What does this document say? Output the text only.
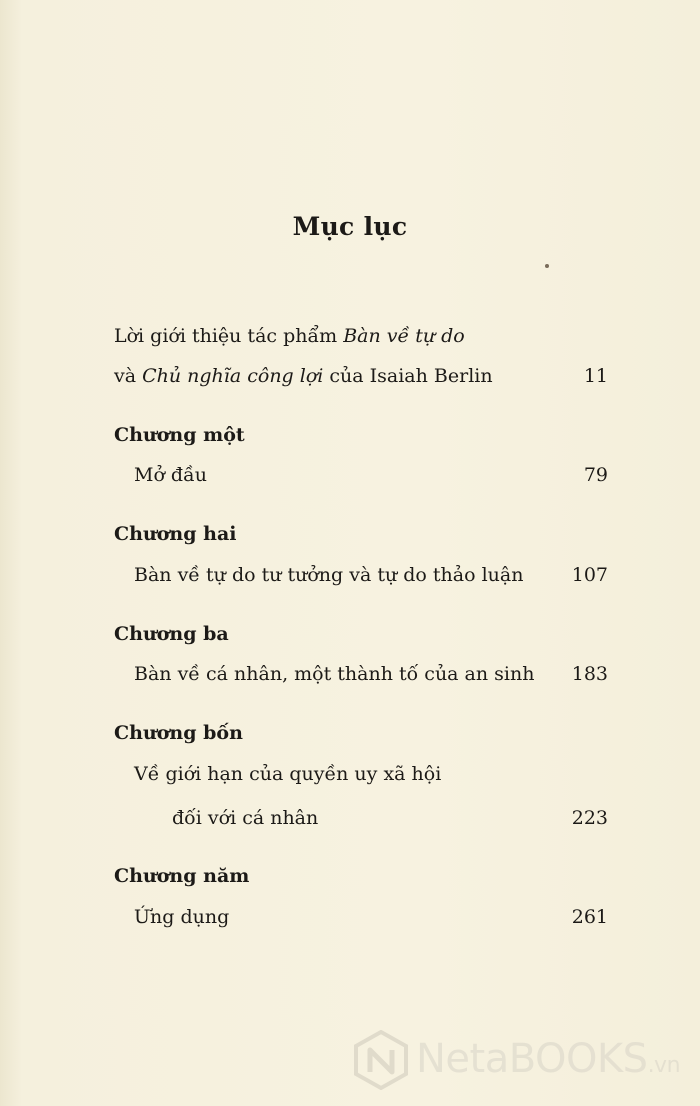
Mục lục
Lời giới thiệu tác phẩm Bàn về tự do
và Chủ nghĩa công lợi của Isaiah Berlin	11
Chương một
Mở đầu	79
Chương hai
Bàn về tự do tư tưởng và tự do thảo luận	107
Chương ba
Bàn về cá nhân, một thành tố của an sinh 183
Chương bốn
Về giới hạn của quyền uy xã hội
đối với cá nhân	223
Chương năm
Ứng dụng	261
NetaBOOKS.vn
